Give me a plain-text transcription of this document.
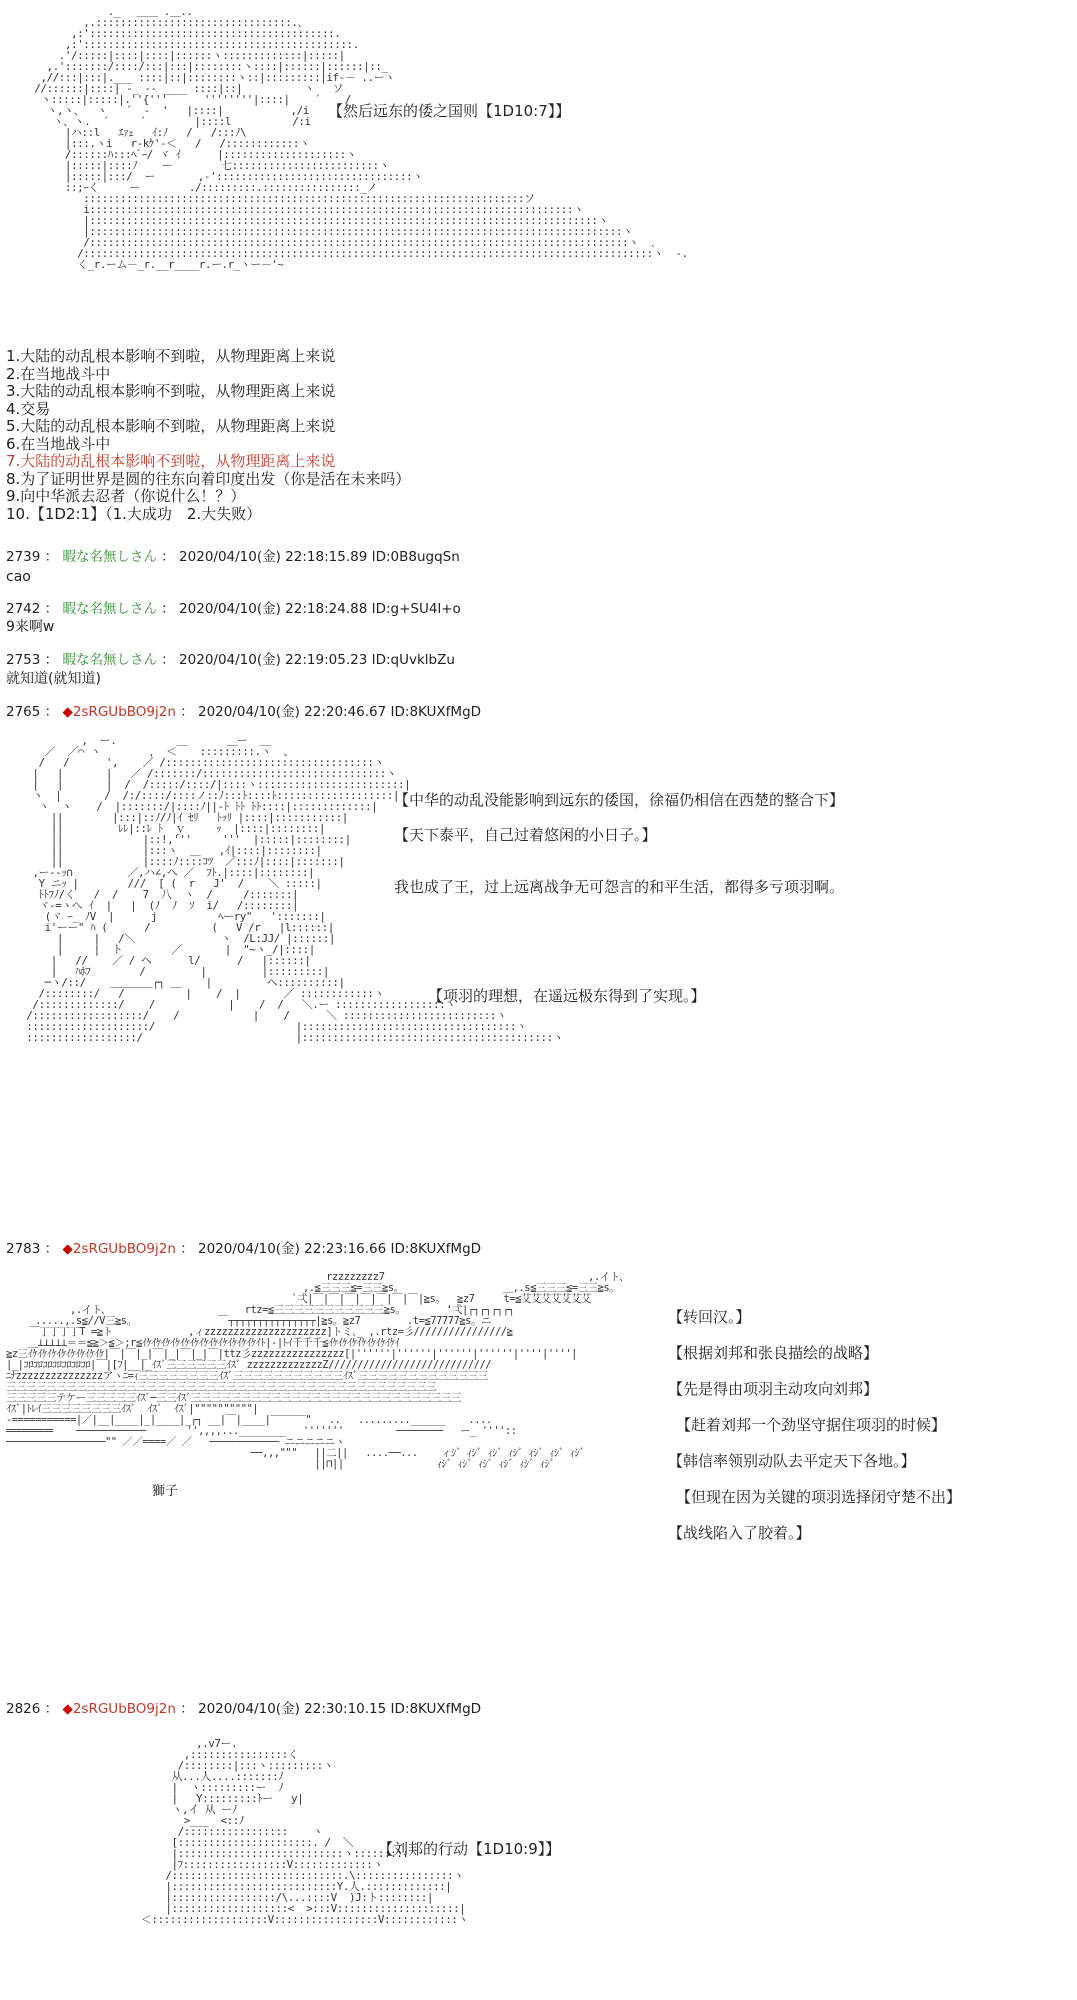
._　 ＿＿ .＿..
,.::::::::::::::::::::::::::::::::.、
,:'::::::::::::::::::::::::::::::::::::::::.
,:'::::::::::::::::::::::::::::::::::::::::::::.
.'/:::::|::::|::::|::::::ヽ:::::::::::::|:::::|
,.':::::::/::::/:::|:::|::::::::ヽ::::|::::::|::::::|::_
,//:::|:::|.___ ::::|::|::::::::ヽ::|:::::::::|if‐－ ..ーヽ
//::::::|::::| -_ ‐‐ ____ ::::|::|          ヽ   ソ
ヽ:::::|:::::|.''{'''      ''''''''|::::|    ´    /
ヽ,ヽ、  ヽ   ´  -  '   |::::|           ,/i
ヽ、ヽ.  ´     ´        |::::l          /:i
|ハ::l   ｴｧｪ   ｲ:ﾉ   /   /:::ﾉ\
|:::.ヽi   r-kｹ'-＜   /   /::::::::::::ヽ
/::::::ﾊ:::ﾍﾞｰ/ ヾ ｲ      |::::::::::::::::::::ヽ
|:::::|::::ﾉ    ー        七::::::::::::::::::::::::ヽ
|:::::|:::/  ー       ,-'::::::::::::::::::::::::::::::::ヽ
::;ｰく     ー        ./:::::::::.::::::::::::::::_ノ
::::::::::::::::::::::::::::::::::::::::::::::::::::::::::::::::::::::::ソ
i:::::::::::::::::::::::::::::::::::::::::::::::::::::::::::::::::::::::::::::::ヽ
|:::::::::::::::::::::::::::::::::::::::::::::::::::::::::::::::::::::::::::::::::::ヽ
|:::::::::::::::::::::::::::::::::::::::::::::::::::::::::::::::::::::::::::::::::::::::ヽ
/::::::::::::::::::::::::::::::::::::::::::::::::::::::::::::::::::::::::::::::::::::::::ヽ  ､
/:::::::::::::::::::::::::::::::::::::::::::::::::::::::::::::::::::::::::::::::::::::::::::::ヽ  -.
く_r.ーム－_r.__r____r.ー.r_ヽー－'~

【然后远东的倭之国则【1D10:7】】
1.大陆的动乱根本影响不到啦，从物理距离上来说
2.在当地战斗中
3.大陆的动乱根本影响不到啦，从物理距离上来说
4.交易
5.大陆的动乱根本影响不到啦，从物理距离上来说
6.在当地战斗中
7.大陆的动乱根本影响不到啦，从物理距离上来说
8.为了证明世界是圆的往东向着印度出发（你是活在未来吗）
9.向中华派去忍者（你说什么！？）
10.【1D2:1】（1.大成功　2.大失败）
2739 ： 暇な名無しさん ： 2020/04/10(金) 22:18:15.89 ID:0B8ugqSn
cao
2742 ： 暇な名無しさん ： 2020/04/10(金) 22:18:24.88 ID:g+SU4l+o
9来啊w
2753 ： 暇な名無しさん ： 2020/04/10(金) 22:19:05.23 ID:qUvklbZu
就知道(就知道)
2765 ： ◆2sRGUbBO9j2n ： 2020/04/10(金) 22:20:46.67 ID:8KUXfMgD
,  ー.                  ＿ー  ＿
／  ／⌒ ヽ        ， ＜￣  :::::::::.ヽ  、
/   /      ',    ／ /::::::::::::::::::::::::::::::::::ヽ
|   |       |   ／ /:::::::/::::::::::::::::::::::::::::::ヽ
|   |       |  /  /:::::/::::/|::::ヽ::::::::::::::::::::::::|
ヽ  |       /  /:/::::/::::ノ::ﾉ:::ﾄ::::ﾄ:::::::::::::::::::|
ヽ  ヽ    /  |:::::::/|::::ﾉ||‐ﾄ ﾄﾄ ﾄﾄ::::|:::::::::::::|
||        |:::|::ﾉ/ﾉ|ｲ ｾﾘ   ﾄｯﾘ |::::|:::::::::::|
||         ﾚﾚ|::ﾚ ﾄ  ｙ     ｯ  |::::|::::::::|
||             |::!,'''     '''  |:::::|::::::::|
||             |:::ヽ  ＿   ,ｲ|::::|::::::::|
||             |::::ﾉ::::ｺﾂ  ／:::ﾉ|::::|:::::::|
,ー--ｯ∩         ／,ハ∠,ヘ ／  ﾌﾄ.|::::|::::::::|
Y ニｯ |        ///  [ (  r   J'  /    ＼ :::::|
ﾄﾄﾌﾉ/く   /  /    7  八  ヽ  /     /:::::::|
ヾ-=ヽへ ｲ  |   |  (ﾉ  ﾉ  ｿ  i/   /::::::::|
(ヾ ｰ_ ﾉV  |      j          ﾍーry"   ':::::::|
i'ーー" ﾊ (      /          (   V /r   |l::::::|
|     |   /＼              ヽ  /L:JJ/ |::::::|
|     |  ト        ／       |  "~ヽ_/|::::|
|   //    ／ / ヘ      l/      /   |::::::|
|   ﾊﾎﾌ        /         |         |:::::::::|
─ヽ/::/    ＿＿＿＿┌┐ ＿    |         ヘ::::::::::|
/::::::::/   /          |    /  |       ／ ::::::::::::ヽ
/:::::::::::::/    /            |    /  /   ＼.ー ::::::::::::::::::ヽ
/::::::::::::::::::/    /            |    /      ＼ :::::::::::::::::::::::::ヽ
::::::::::::::::::::/                       |:::::::::::::::::::::::::::::::::::ヽ
::::::::::::::::::/                         |:::::::::::::::::::::::::::::::::::::::::ヽ

【中华的动乱没能影响到远东的倭国，徐福仍相信在西楚的整合下】
【天下泰平，自己过着悠闲的小日子。】
我也成了王，过上远离战争无可怨言的和平生活，都得多亏项羽啊。
【项羽的理想，在遥远极东得到了实现。】
2783 ： ◆2sRGUbBO9j2n ： 2020/04/10(金) 22:23:16.66 ID:8KUXfMgD
rzzzzzzzz7                                   ,.イト、
,.≦三三三≦=三三≧s。                 ＿,.s≦三三三≦=三三≧s。
`弌|￣|￣|￣|￣|￣|￣|￣|≧s。  ≧z7     t=≦艾艾艾艾艾艾艾
,.イト、                       rtz=≦三三三三三三三三三三三≧s。       ‘弌|┌┐┌┐┌┐┌┐
.....,.s≦//V三≧s。              ￣┬┬┬┬┬┬┬┬┬┬┬┬┬┬┬|≧s。≧z7        .t=≦77777≧s。ニ
￣丁丁丁丁T =≧ト             ,ィzzzzzzzzzzzzzzzzzzzzz]トミ､_ ,.rtz=彡////////////////≧
　 ＿⊥⊥⊥⊥⊥＝＝≦≧＞≦＞;r≦ｲｹｲｹｲｹｲｹｲｹｲｹｲｹｲｹｲｹｲｹｲｹｲｹｲﾄ|‐|ﾄｲ千千千≦ｲｹｲｹｲｹｲｹｲｹｲｹｲｹｲ
≧z三ｲｹｲｹｲｹｲｹｲｹｲｹｲｹｲｹ|￣|￣|_|￣|_|￣|_|￣|ttz彡zzzzzzzzzzzzzzzz[|''''''|''''''|''''''|''''''|''''|''''|
|_|ｺﾛｺﾛｺﾛｺﾛｺﾛｺﾛｺﾛ|￣|[ﾌ|__|_ｲｽﾞ三三三三三三ｲｽﾞ zzzzzzzzzzzzzZ////////////////////////////
ﾆﾅzzzzzzzzzzzzzzzアヽﾆ=ｨ三三三三三三三三ｲｽﾞ三三三三三三三三三三三ｲｽﾞ三三三三三三三三三三三三三
三三三三三三三三三三三三三三三三三三三三三三三三三三三三三三三三三三三三三三三三三三三
三三三三三テケー三三三三三ｲｽﾞ─三三ｲｽﾞ三三三三三三三三三三三三三三三三三三三三三三三三三三三
ｲｽﾞ|ﾄﾚｲ三三三三三三三三ｲｽﾞ  ｲｽﾞ  ｲｽﾞ|""""""""""|
-===========|／|__|____|_|____|_┌┐ __|￣|____|‾‾‾‾‾‾"   ..   .........______    ....
════════    ────────────       '',,,,...________   '''''''         ────────   ー_ ''''::
─────────────────"" ／／====／ ／   ──────────── ニニニニニヽ
──,,,"""   ||二||   ....──...    ィｼﾞ ｨｼﾞ ｨｼﾞ ｨｼﾞ ｨｼﾞ ｨｼﾞ ｨｼﾞ
||⊓||                ｨｼﾞ ｨｼﾞ ｨｼﾞ ｨｼﾞ ｨｼﾞ ｨｼﾞ

獅子
【转回汉。】
【根据刘邦和张良描绘的战略】
【先是得由项羽主动攻向刘邦】
【赶着刘邦一个劲坚守据住项羽的时候】
【韩信率领别动队去平定天下各地。】
【但现在因为关键的项羽选择闭守楚不出】
【战线陷入了胶着。】
2826 ： ◆2sRGUbBO9j2n ： 2020/04/10(金) 22:30:10.15 ID:8KUXfMgD
,.v7ー.
,::::::::::::::::く
/::::::::|:::ヽ:::::::::ヽ
从...人....:::::::ﾉ
|  ヽ:::::::::ー  ﾉ
|   Y:::::::::ﾄー   y|
ヽ,イ 从 ーﾉ
>___  <::ﾉ
/:::::::::::::::::    ヽ
[::::::::::::::::::::::. /  ＼
|:::::::::::::::::::::::::::ヽ:::::::::ヽ
|ﾌ:::::::::::::::::V:::::::::::::ヽ
/::::::::::::::::::::::::::::.\::::::::::::::::ヽ
|:::::::::::::::::::::::::::Y.人.:::::::::::::|
|:::::::::::::::::/\...::::V  )J:ト::::::::|
|:::::::::::::::::::<  >:::V::::::::::::::::::::|
＜:::::::::::::::::::V:::::::::::::::::V::::::::::::ヽ

【刘邦的行动【1D10:9】】
